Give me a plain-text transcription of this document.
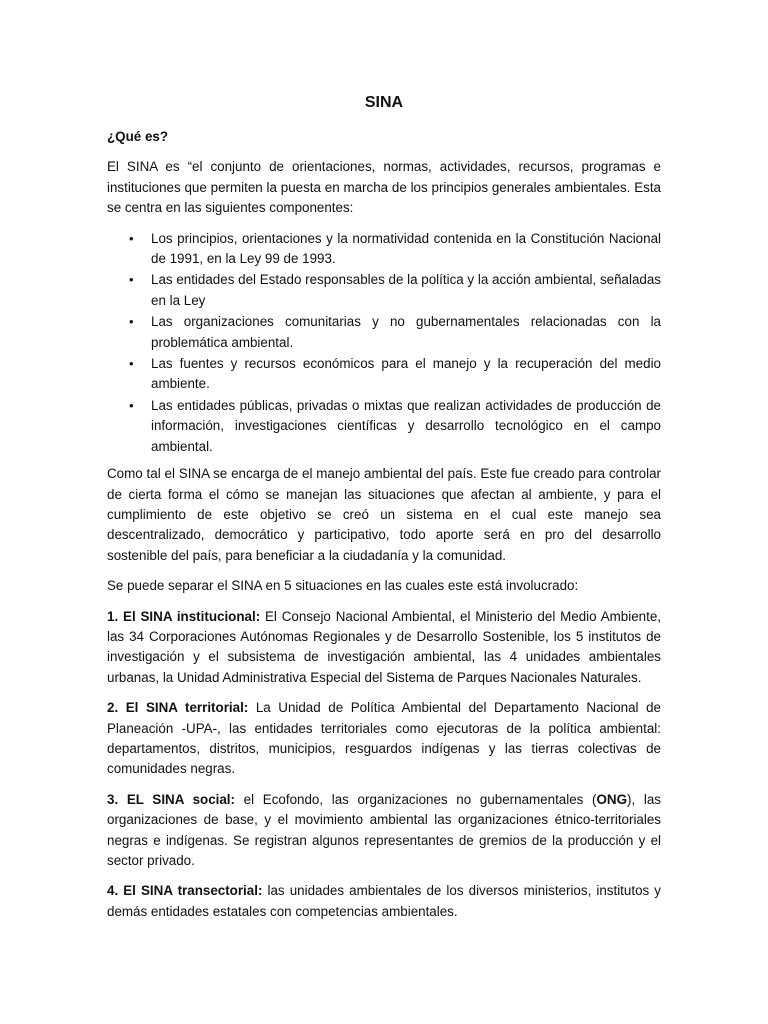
SINA
¿Qué es?

El SINA es “el conjunto de orientaciones, normas, actividades, recursos, programas e instituciones que permiten la puesta en marcha de los principios generales ambientales. Esta se centra en las siguientes componentes:

• Los principios, orientaciones y la normatividad contenida en la Constitución Nacional de 1991, en la Ley 99 de 1993.
• Las entidades del Estado responsables de la política y la acción ambiental, señaladas en la Ley
• Las organizaciones comunitarias y no gubernamentales relacionadas con la problemática ambiental.
• Las fuentes y recursos económicos para el manejo y la recuperación del medio ambiente.
• Las entidades públicas, privadas o mixtas que realizan actividades de producción de información, investigaciones científicas y desarrollo tecnológico en el campo ambiental.

Como tal el SINA se encarga de el manejo ambiental del país. Este fue creado para controlar de cierta forma el cómo se manejan las situaciones que afectan al ambiente, y para el cumplimiento de este objetivo se creó un sistema en el cual este manejo sea descentralizado, democrático y participativo, todo aporte será en pro del desarrollo sostenible del país, para beneficiar a la ciudadanía y la comunidad.

Se puede separar el SINA en 5 situaciones en las cuales este está involucrado:

1. El SINA institucional: El Consejo Nacional Ambiental, el Ministerio del Medio Ambiente, las 34 Corporaciones Autónomas Regionales y de Desarrollo Sostenible, los 5 institutos de investigación y el subsistema de investigación ambiental, las 4 unidades ambientales urbanas, la Unidad Administrativa Especial del Sistema de Parques Nacionales Naturales.

2. El SINA territorial: La Unidad de Política Ambiental del Departamento Nacional de Planeación -UPA-, las entidades territoriales como ejecutoras de la política ambiental: departamentos, distritos, municipios, resguardos indígenas y las tierras colectivas de comunidades negras.

3. EL SINA social: el Ecofondo, las organizaciones no gubernamentales (ONG), las organizaciones de base, y el movimiento ambiental las organizaciones étnico-territoriales negras e indígenas. Se registran algunos representantes de gremios de la producción y el sector privado.

4. El SINA transectorial: las unidades ambientales de los diversos ministerios, institutos y demás entidades estatales con competencias ambientales.
